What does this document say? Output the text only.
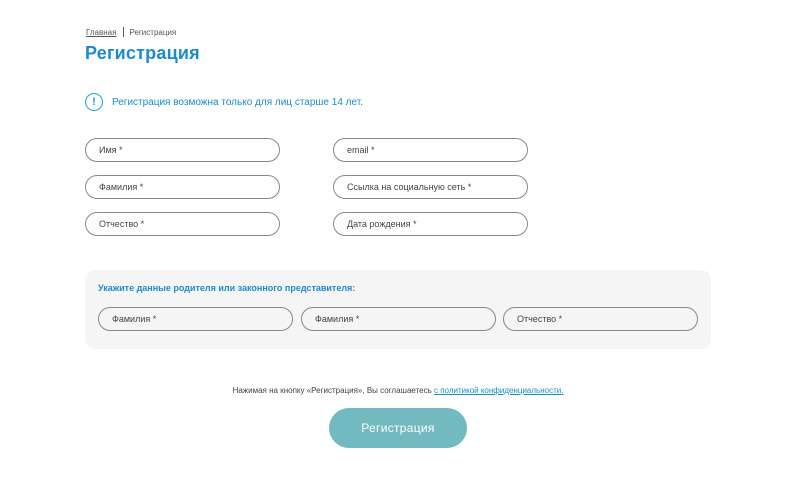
Главная Регистрация
Регистрация
!	Регистрация возможна только для лиц старше 14 лет.
Имя *
Фамилия *
Отчество *
email *
Ссылка на социальную сеть *
Дата рождения *
Укажите данные родителя или законного представителя:
Фамилия *
Фамилия *
Отчество *
Нажимая на кнопку «Регистрация», Вы соглашаетесь с политикой конфиденциальности.
Регистрация
